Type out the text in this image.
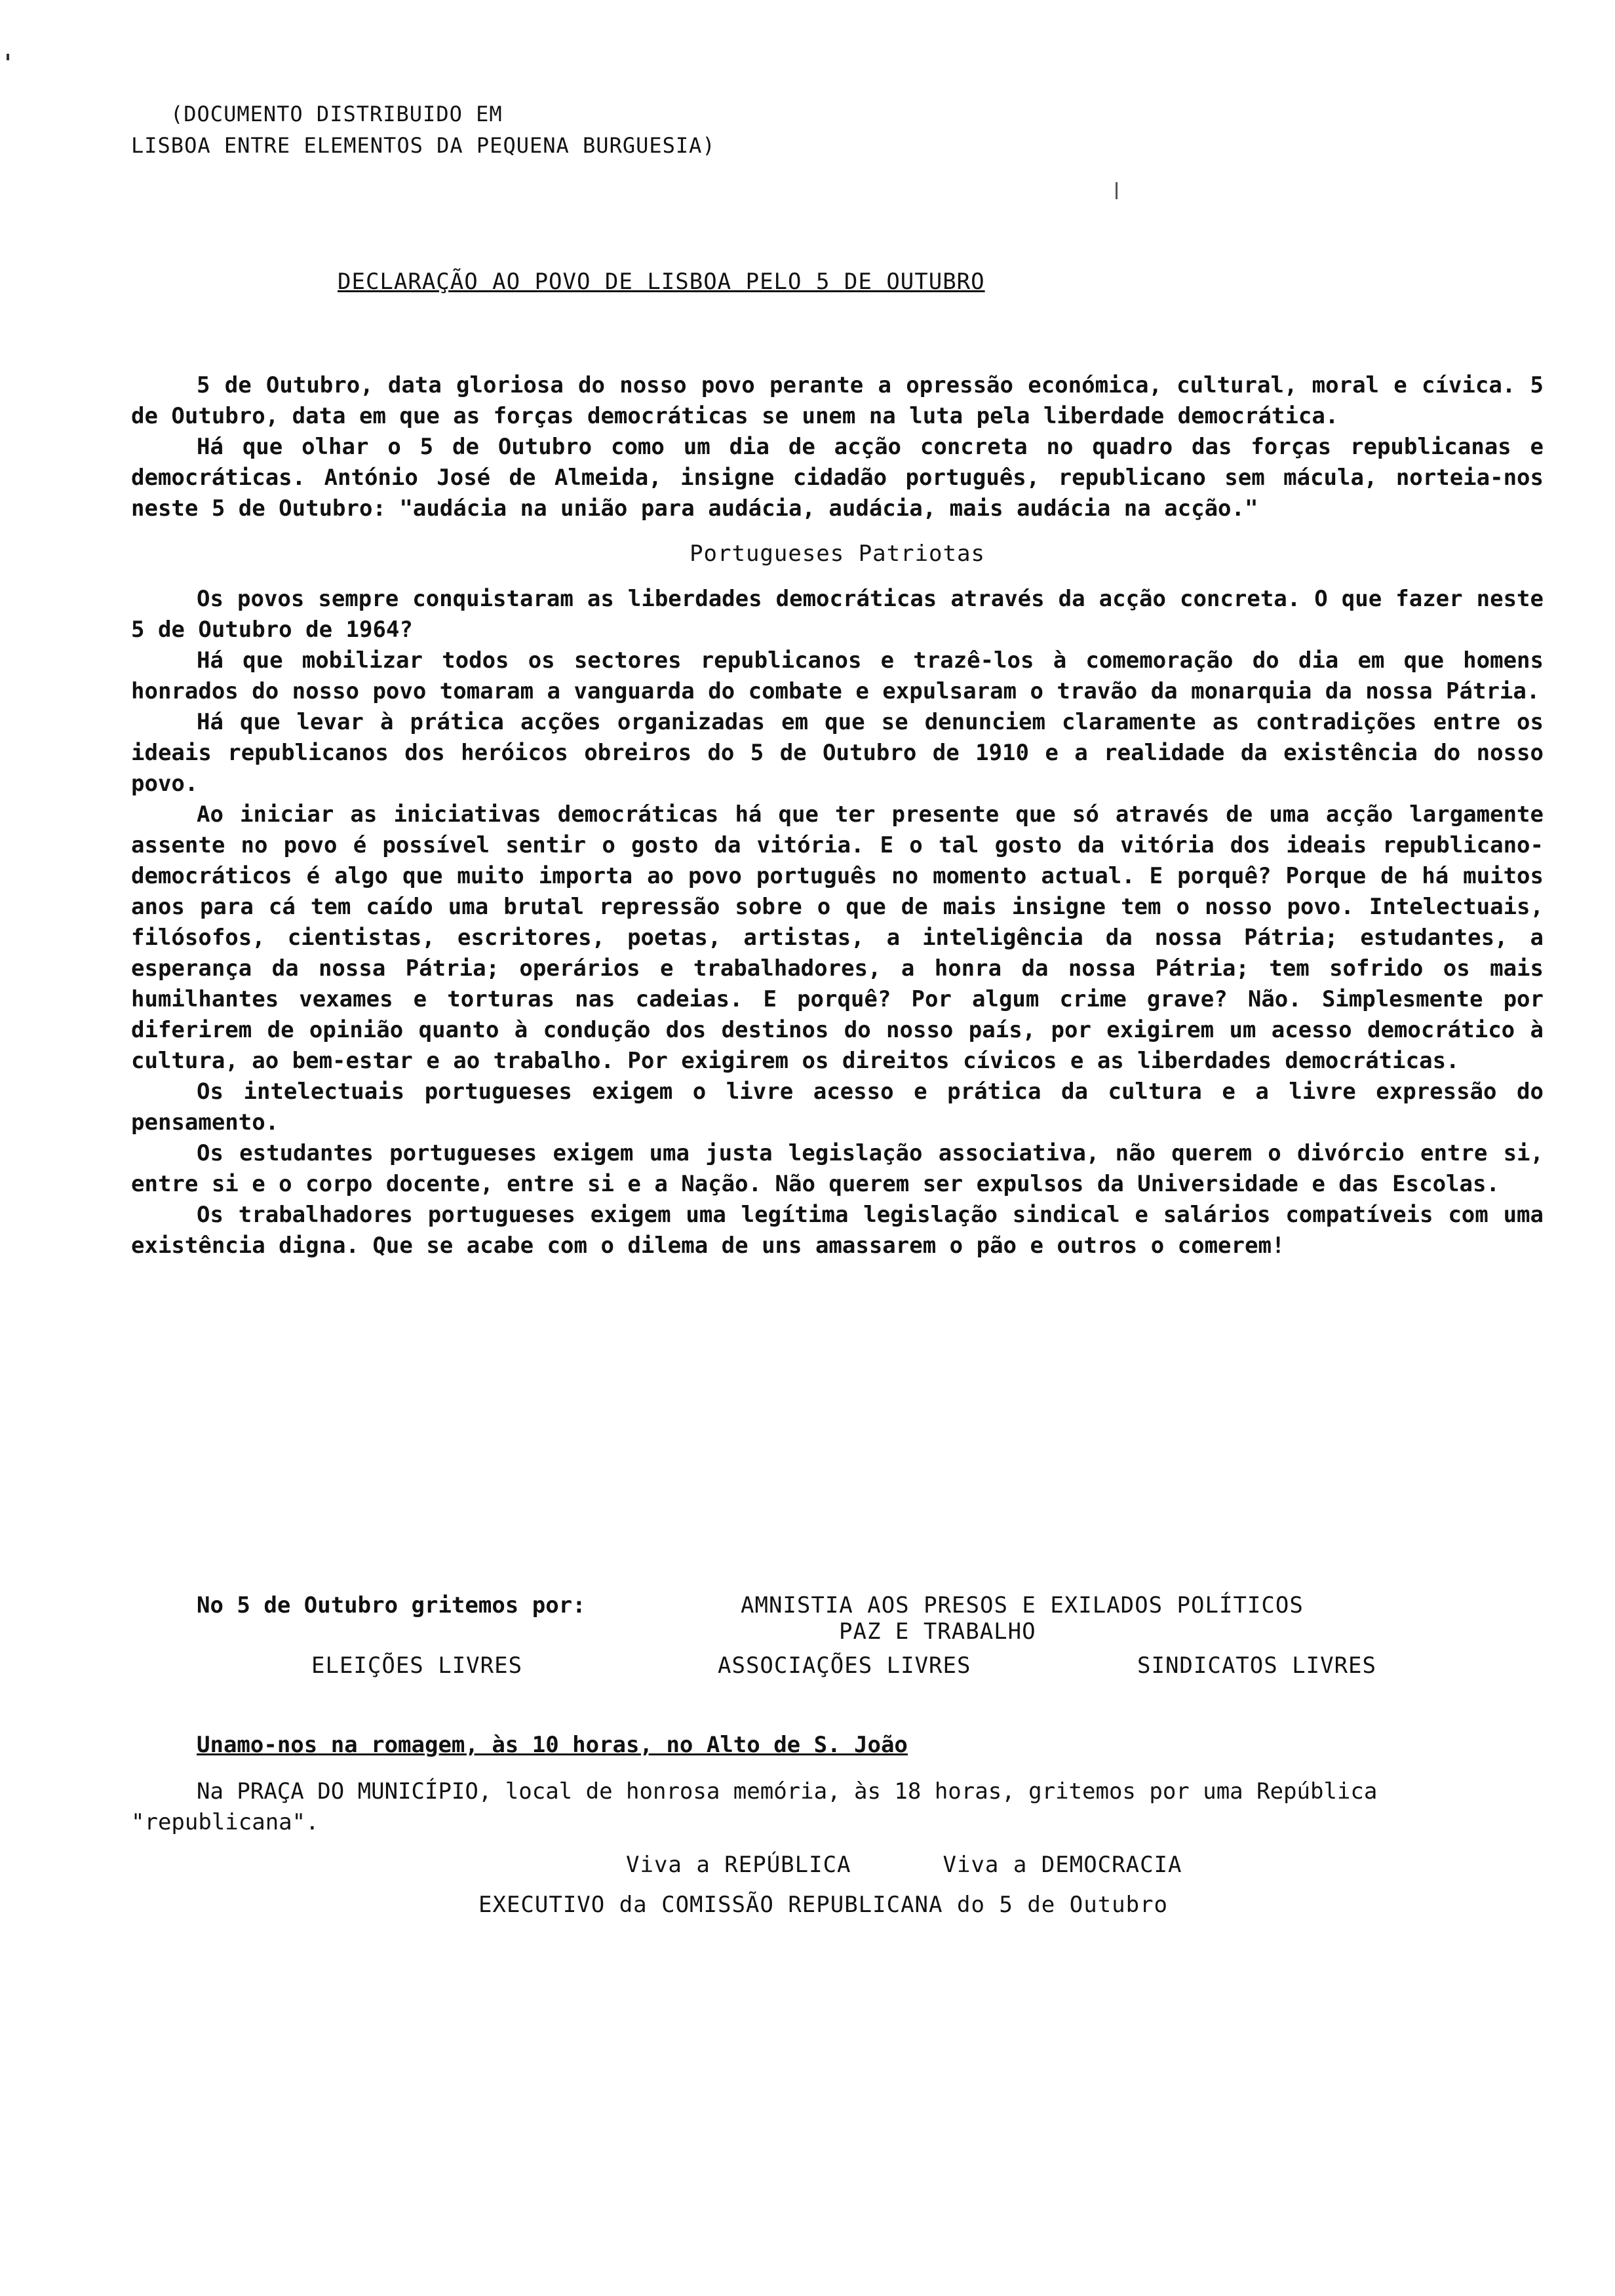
(DOCUMENTO DISTRIBUIDO EM
LISBOA ENTRE ELEMENTOS DA PEQUENA BURGUESIA)
DECLARAÇÃO AO POVO DE LISBOA PELO 5 DE OUTUBRO

5 de Outubro, data gloriosa do nosso povo perante a opressão económica, cultural, moral e cívica. 5 de Outubro, data em que as forças democráticas se unem na luta pela liberdade democrática.

Há que olhar o 5 de Outubro como um dia de acção concreta no quadro das forças republicanas e democráticas. António José de Almeida, insigne cidadão português, republicano sem mácula, norteia-nos neste 5 de Outubro: "audácia na união para audácia, audácia, mais audácia na acção."

Portugueses Patriotas

Os povos sempre conquistaram as liberdades democráticas através da acção concreta. O que fazer neste 5 de Outubro de 1964?

Há que mobilizar todos os sectores republicanos e trazê-los à comemoração do dia em que homens honrados do nosso povo tomaram a vanguarda do combate e expulsaram o travão da monarquia da nossa Pátria.

Há que levar à prática acções organizadas em que se denunciem claramente as contradições entre os ideais republicanos dos heróicos obreiros do 5 de Outubro de 1910 e a realidade da existência do nosso povo.

Ao iniciar as iniciativas democráticas há que ter presente que só através de uma acção largamente assente no povo é possível sentir o gosto da vitória. E o tal gosto da vitória dos ideais republicano-democráticos é algo que muito importa ao povo português no momento actual. E porquê? Porque de há muitos anos para cá tem caído uma brutal repressão sobre o que de mais insigne tem o nosso povo. Intelectuais, filósofos, cientistas, escritores, poetas, artistas, a inteligência da nossa Pátria; estudantes, a esperança da nossa Pátria; operários e trabalhadores, a honra da nossa Pátria; tem sofrido os mais humilhantes vexames e torturas nas cadeias. E porquê? Por algum crime grave? Não. Simplesmente por diferirem de opinião quanto à condução dos destinos do nosso país, por exigirem um acesso democrático à cultura, ao bem-estar e ao trabalho. Por exigirem os direitos cívicos e as liberdades democráticas.

Os intelectuais portugueses exigem o livre acesso e prática da cultura e a livre expressão do pensamento.

Os estudantes portugueses exigem uma justa legislação associativa, não querem o divórcio entre si, entre si e o corpo docente, entre si e a Nação. Não querem ser expulsos da Universidade e das Escolas.

Os trabalhadores portugueses exigem uma legítima legislação sindical e salários compatíveis com uma existência digna. Que se acabe com o dilema de uns amassarem o pão e outros o comerem!

No 5 de Outubro gritemos por:	AMNISTIA AOS PRESOS E EXILADOS POLÍTICOS
PAZ E TRABALHO
ELEIÇÕES LIVRES	ASSOCIAÇÕES LIVRES	SINDICATOS LIVRES
Unamo-nos na romagem, às 10 horas, no Alto de S. João
Na PRAÇA DO MUNICÍPIO, local de honrosa memória, às 18 horas, gritemos por uma República "republicana".
Viva a REPÚBLICA	Viva a DEMOCRACIA
EXECUTIVO da COMISSÃO REPUBLICANA do 5 de Outubro
